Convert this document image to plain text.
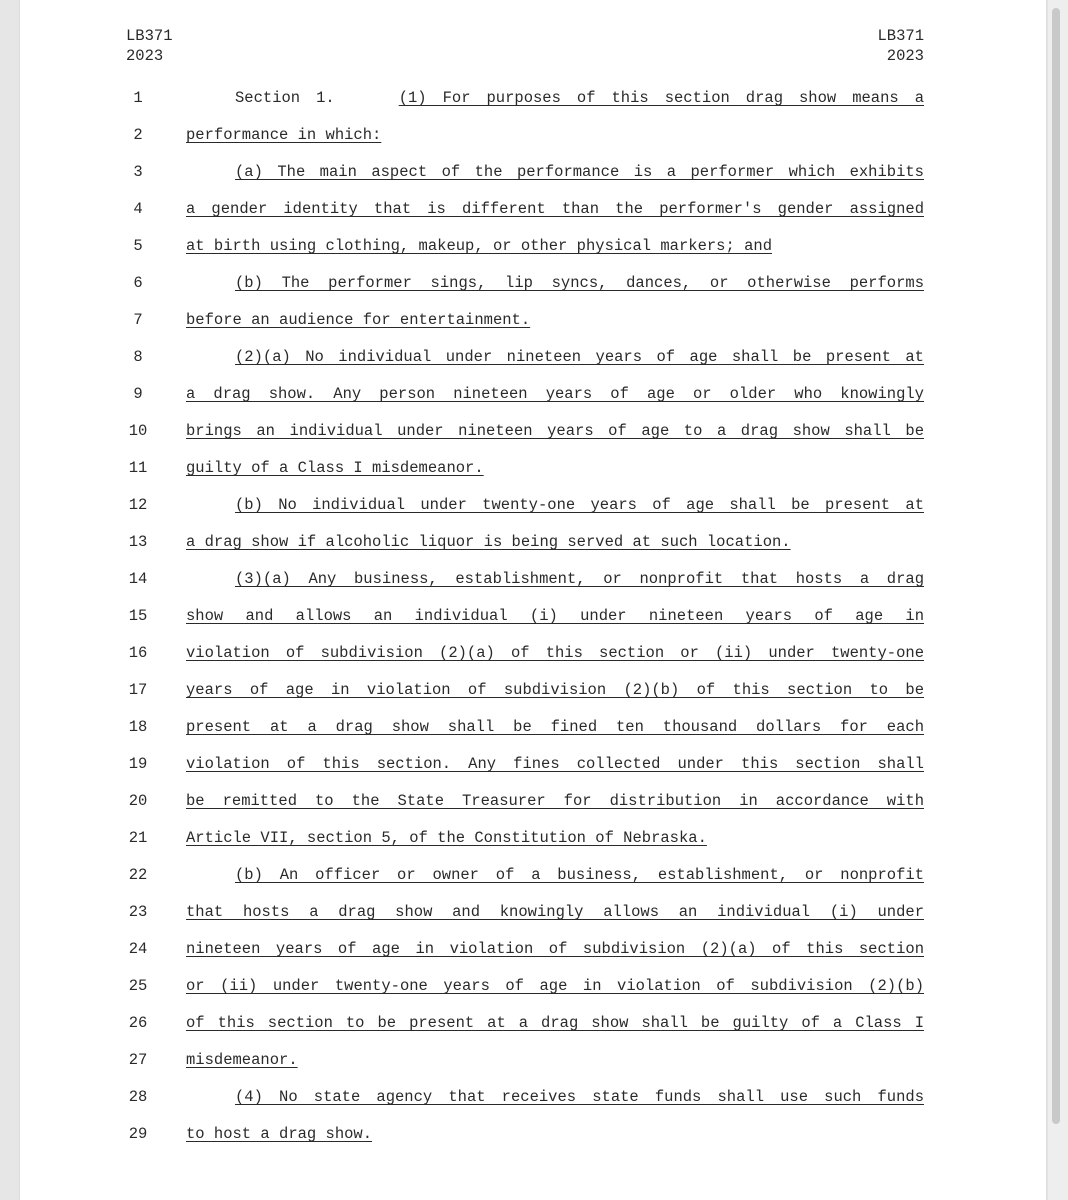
LB371
2023
LB371
2023
1	Section 1.	(1) For purposes of this section drag show means a
2	performance in which:
3	(a) The main aspect of the performance is a performer which exhibits
4	a gender identity that is different than the performer's gender assigned
5	at birth using clothing, makeup, or other physical markers; and
6	(b) The performer sings, lip syncs, dances, or otherwise performs
7	before an audience for entertainment.
8	(2)(a) No individual under nineteen years of age shall be present at
9	a drag show. Any person nineteen years of age or older who knowingly
10	brings an individual under nineteen years of age to a drag show shall be
11	guilty of a Class I misdemeanor.
12	(b) No individual under twenty-one years of age shall be present at
13	a drag show if alcoholic liquor is being served at such location.
14	(3)(a) Any business, establishment, or nonprofit that hosts a drag
15	show and allows an individual (i) under nineteen years of age in
16	violation of subdivision (2)(a) of this section or (ii) under twenty-one
17	years of age in violation of subdivision (2)(b) of this section to be
18	present at a drag show shall be fined ten thousand dollars for each
19	violation of this section. Any fines collected under this section shall
20	be remitted to the State Treasurer for distribution in accordance with
21	Article VII, section 5, of the Constitution of Nebraska.
22	(b) An officer or owner of a business, establishment, or nonprofit
23	that hosts a drag show and knowingly allows an individual (i) under
24	nineteen years of age in violation of subdivision (2)(a) of this section
25	or (ii) under twenty-one years of age in violation of subdivision (2)(b)
26	of this section to be present at a drag show shall be guilty of a Class I
27	misdemeanor.
28	(4) No state agency that receives state funds shall use such funds
29	to host a drag show.
